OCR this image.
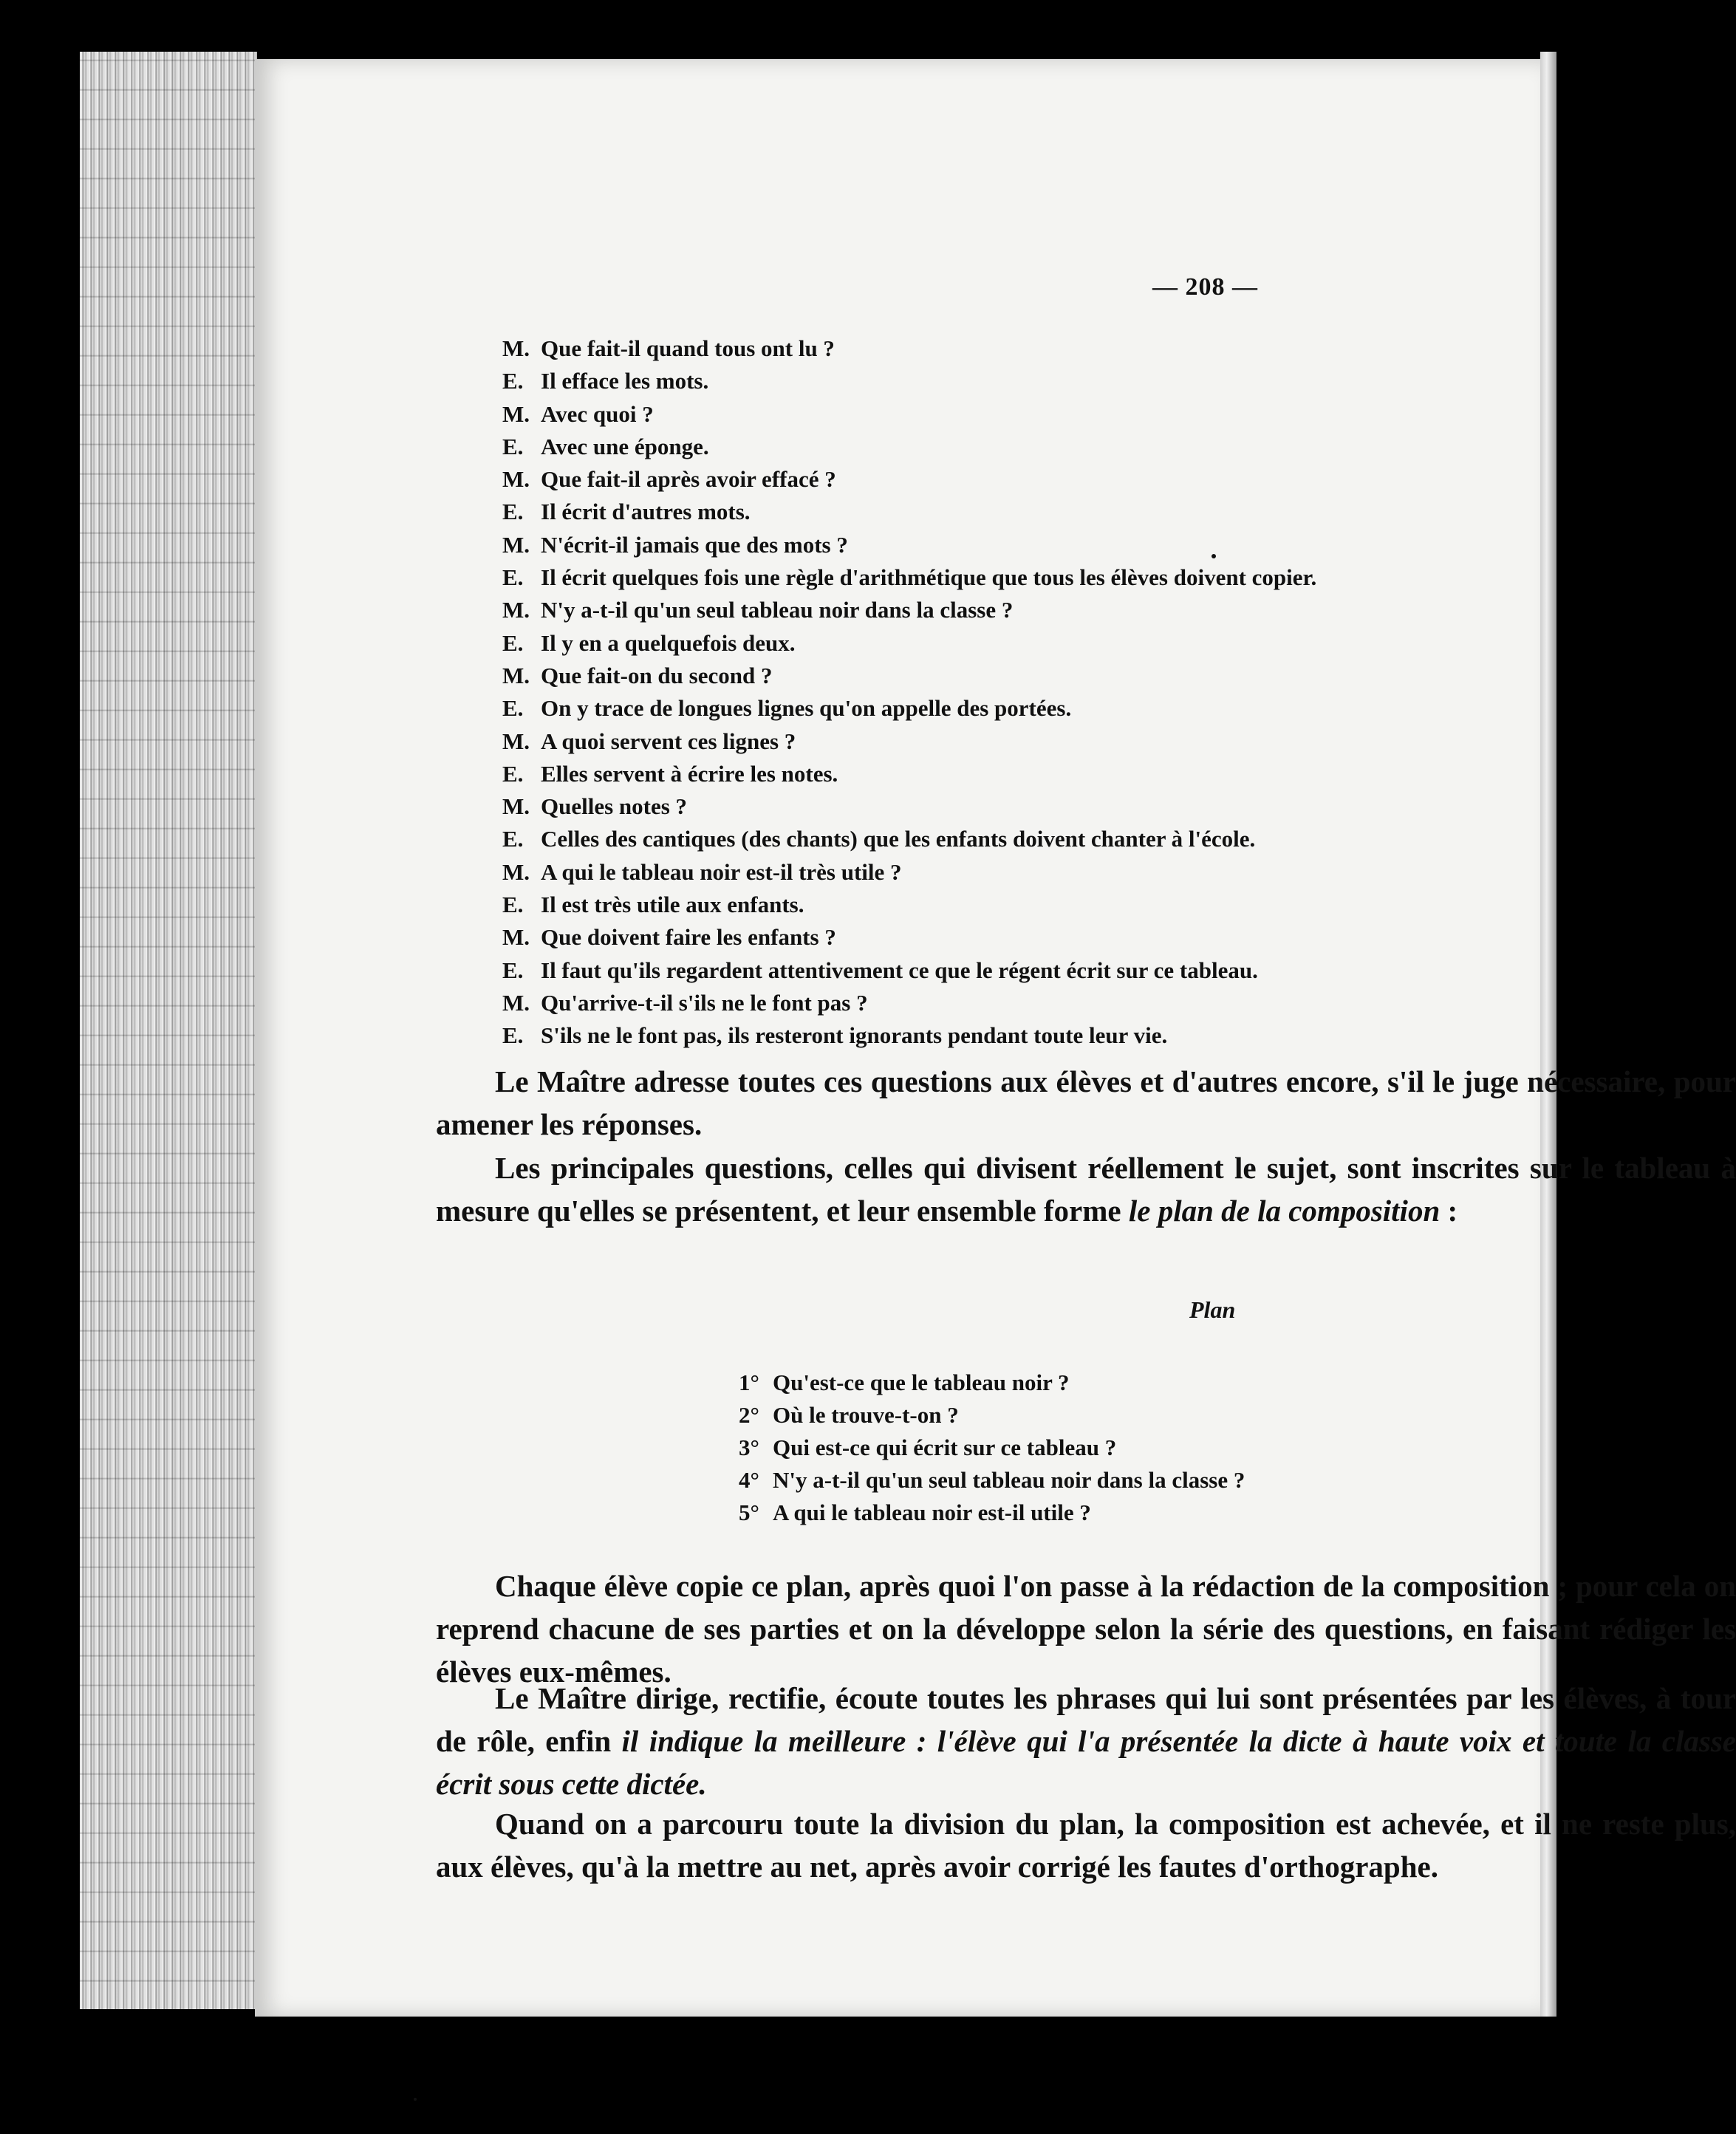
— 208 —
M. Que fait-il quand tous ont lu ?
E. Il efface les mots.
M. Avec quoi ?
E. Avec une éponge.
M. Que fait-il après avoir effacé ?
E. Il écrit d'autres mots.
M. N'écrit-il jamais que des mots ?
E. Il écrit quelques fois une règle d'arithmétique que tous les élèves doivent copier.
M. N'y a-t-il qu'un seul tableau noir dans la classe ?
E. Il y en a quelquefois deux.
M. Que fait-on du second ?
E. On y trace de longues lignes qu'on appelle des portées.
M. A quoi servent ces lignes ?
E. Elles servent à écrire les notes.
M. Quelles notes ?
E. Celles des cantiques (des chants) que les enfants doivent chanter à l'école.
M. A qui le tableau noir est-il très utile ?
E. Il est très utile aux enfants.
M. Que doivent faire les enfants ?
E. Il faut qu'ils regardent attentivement ce que le régent écrit sur ce tableau.
M. Qu'arrive-t-il s'ils ne le font pas ?
E. S'ils ne le font pas, ils resteront ignorants pendant toute leur vie.

Le Maître adresse toutes ces questions aux élèves et d'autres encore, s'il le juge nécessaire, pour amener les réponses.

Les principales questions, celles qui divisent réellement le sujet, sont inscrites sur le tableau à mesure qu'elles se présentent, et leur ensemble forme le plan de la composition :

Plan
1° Qu'est-ce que le tableau noir ?
2° Où le trouve-t-on ?
3° Qui est-ce qui écrit sur ce tableau ?
4° N'y a-t-il qu'un seul tableau noir dans la classe ?
5° A qui le tableau noir est-il utile ?

Chaque élève copie ce plan, après quoi l'on passe à la rédaction de la composition ; pour cela on reprend chacune de ses parties et on la développe selon la série des questions, en faisant rédiger les élèves eux-mêmes.

Le Maître dirige, rectifie, écoute toutes les phrases qui lui sont présentées par les élèves, à tour de rôle, enfin il indique la meilleure : l'élève qui l'a présentée la dicte à haute voix et toute la classe écrit sous cette dictée.

Quand on a parcouru toute la division du plan, la composition est achevée, et il ne reste plus, aux élèves, qu'à la mettre au net, après avoir corrigé les fautes d'orthographe.
